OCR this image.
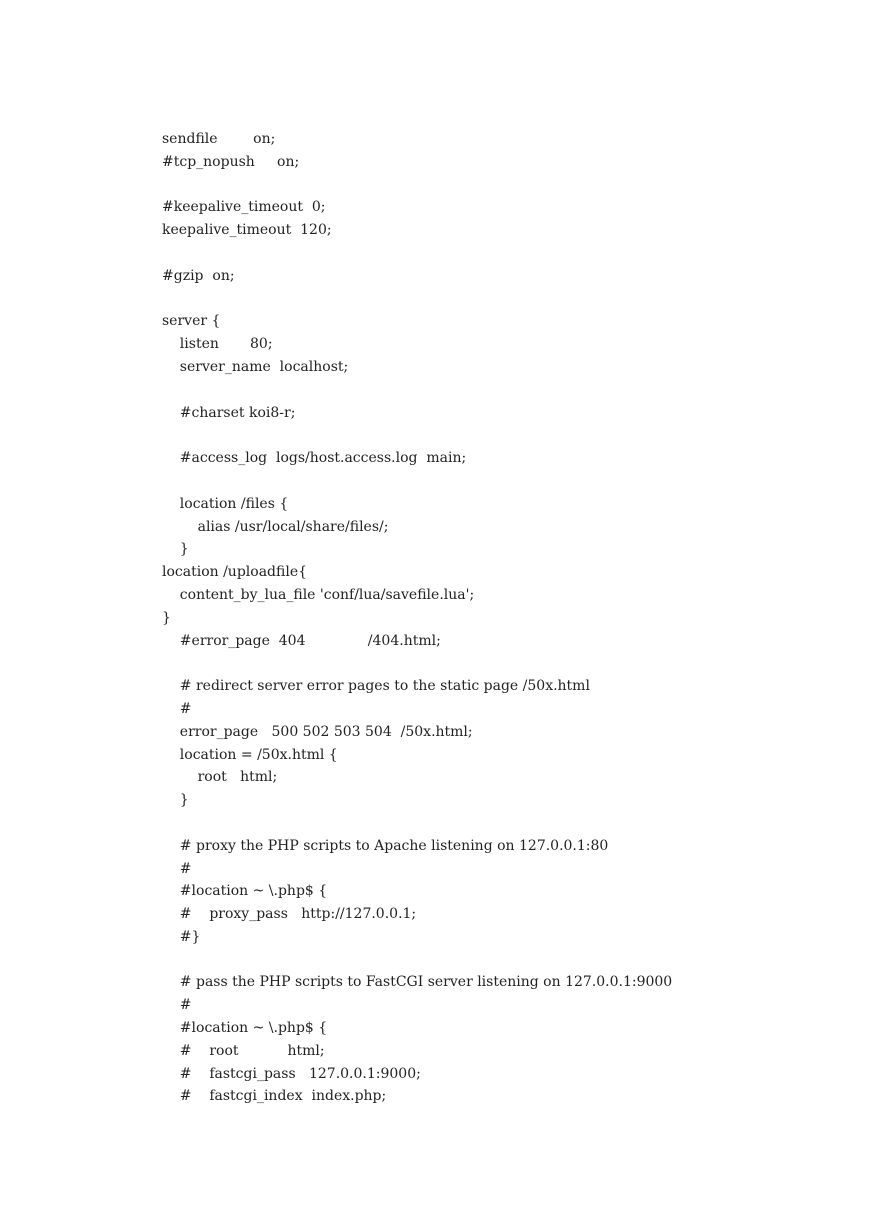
sendfile        on;
#tcp_nopush     on;
#keepalive_timeout  0;
keepalive_timeout  120;
#gzip  on;
server {
listen       80;
server_name  localhost;
#charset koi8-r;
#access_log  logs/host.access.log  main;
location /files {
alias /usr/local/share/files/;
}
location /uploadfile{
content_by_lua_file 'conf/lua/savefile.lua';
}
#error_page  404              /404.html;
# redirect server error pages to the static page /50x.html
#
error_page   500 502 503 504  /50x.html;
location = /50x.html {
root   html;
}
# proxy the PHP scripts to Apache listening on 127.0.0.1:80
#
#location ~ \.php$ {
#    proxy_pass   http://127.0.0.1;
#}
# pass the PHP scripts to FastCGI server listening on 127.0.0.1:9000
#
#location ~ \.php$ {
#    root           html;
#    fastcgi_pass   127.0.0.1:9000;
#    fastcgi_index  index.php;
